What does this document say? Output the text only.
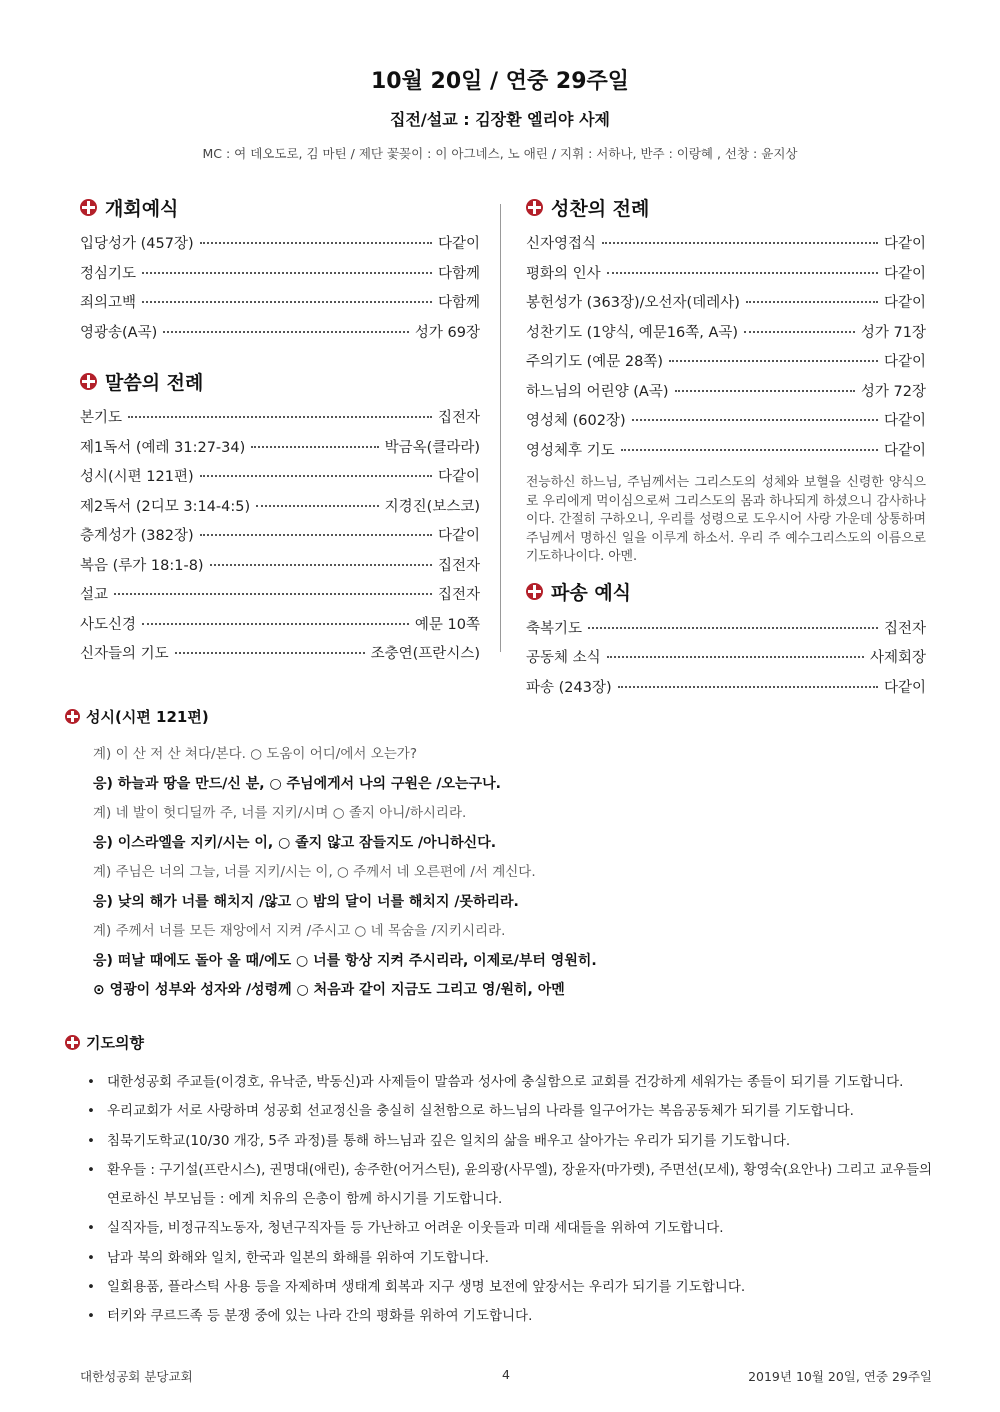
10월 20일 / 연중 29주일
집전/설교 : 김장환 엘리야 사제
MC : 여 데오도로, 김 마틴 / 제단 꽃꽂이 : 이 아그네스, 노 애린 / 지휘 : 서하나, 반주 : 이랑혜 , 선창 : 윤지상
개회예식
입당성가 (457장)	다같이
정심기도	다함께
죄의고백	다함께
영광송(A곡)	성가 69장
말씀의 전례
본기도	집전자
제1독서 (예레 31:27-34)	박금옥(클라라)
성시(시편 121편)	다같이
제2독서 (2디모 3:14-4:5)	지경진(보스코)
층계성가 (382장)	다같이
복음 (루가 18:1-8)	집전자
설교	집전자
사도신경	예문 10쪽
신자들의 기도	조충연(프란시스)
성찬의 전례
신자영접식	다같이
평화의 인사	다같이
봉헌성가 (363장)/오선자(데레사)	다같이
성찬기도 (1양식, 예문16쪽, A곡)	성가 71장
주의기도 (예문 28쪽)	다같이
하느님의 어린양 (A곡)	성가 72장
영성체 (602장)	다같이
영성체후 기도	다같이
전능하신 하느님, 주님께서는 그리스도의 성체와 보혈을 신령한 양식으로 우리에게 먹이심으로써 그리스도의 몸과 하나되게 하셨으니 감사하나이다. 간절히 구하오니, 우리를 성령으로 도우시어 사랑 가운데 상통하며 주님께서 명하신 일을 이루게 하소서. 우리 주 예수그리스도의 이름으로 기도하나이다. 아멘.
파송 예식
축복기도	집전자
공동체 소식	사제회장
파송 (243장)	다같이
성시(시편 121편)
계) 이 산 저 산 쳐다/본다. ○ 도움이 어디/에서 오는가?
응) 하늘과 땅을 만드/신 분, ○ 주님에게서 나의 구원은 /오는구나.
계) 네 발이 헛디딜까 주, 너를 지키/시며 ○ 졸지 아니/하시리라.
응) 이스라엘을 지키/시는 이, ○ 졸지 않고 잠들지도 /아니하신다.
계) 주님은 너의 그늘, 너를 지키/시는 이, ○ 주께서 네 오른편에 /서 계신다.
응) 낮의 해가 너를 해치지 /않고 ○ 밤의 달이 너를 해치지 /못하리라.
계) 주께서 너를 모든 재앙에서 지켜 /주시고 ○ 네 목숨을 /지키시리라.
응) 떠날 때에도 돌아 올 때/에도 ○ 너를 항상 지켜 주시리라, 이제로/부터 영원히.
⊙ 영광이 성부와 성자와 /성령께 ○ 처음과 같이 지금도 그리고 영/원히, 아멘
기도의향
• 대한성공회 주교들(이경호, 유낙준, 박동신)과 사제들이 말씀과 성사에 충실함으로 교회를 건강하게 세워가는 종들이 되기를 기도합니다.
• 우리교회가 서로 사랑하며 성공회 선교정신을 충실히 실천함으로 하느님의 나라를 일구어가는 복음공동체가 되기를 기도합니다.
• 침묵기도학교(10/30 개강, 5주 과정)를 통해 하느님과 깊은 일치의 삶을 배우고 살아가는 우리가 되기를 기도합니다.
• 환우들 : 구기설(프란시스), 권명대(애린), 송주한(어거스틴), 윤의광(사무엘), 장윤자(마가렛), 주면선(모세), 황영숙(요안나) 그리고 교우들의 연로하신 부모님들 : 에게 치유의 은총이 함께 하시기를 기도합니다.
• 실직자들, 비정규직노동자, 청년구직자들 등 가난하고 어려운 이웃들과 미래 세대들을 위하여 기도합니다.
• 남과 북의 화해와 일치, 한국과 일본의 화해를 위하여 기도합니다.
• 일회용품, 플라스틱 사용 등을 자제하며 생태계 회복과 지구 생명 보전에 앞장서는 우리가 되기를 기도합니다.
• 터키와 쿠르드족 등 분쟁 중에 있는 나라 간의 평화를 위하여 기도합니다.
대한성공회 분당교회	4	2019년 10월 20일, 연중 29주일
